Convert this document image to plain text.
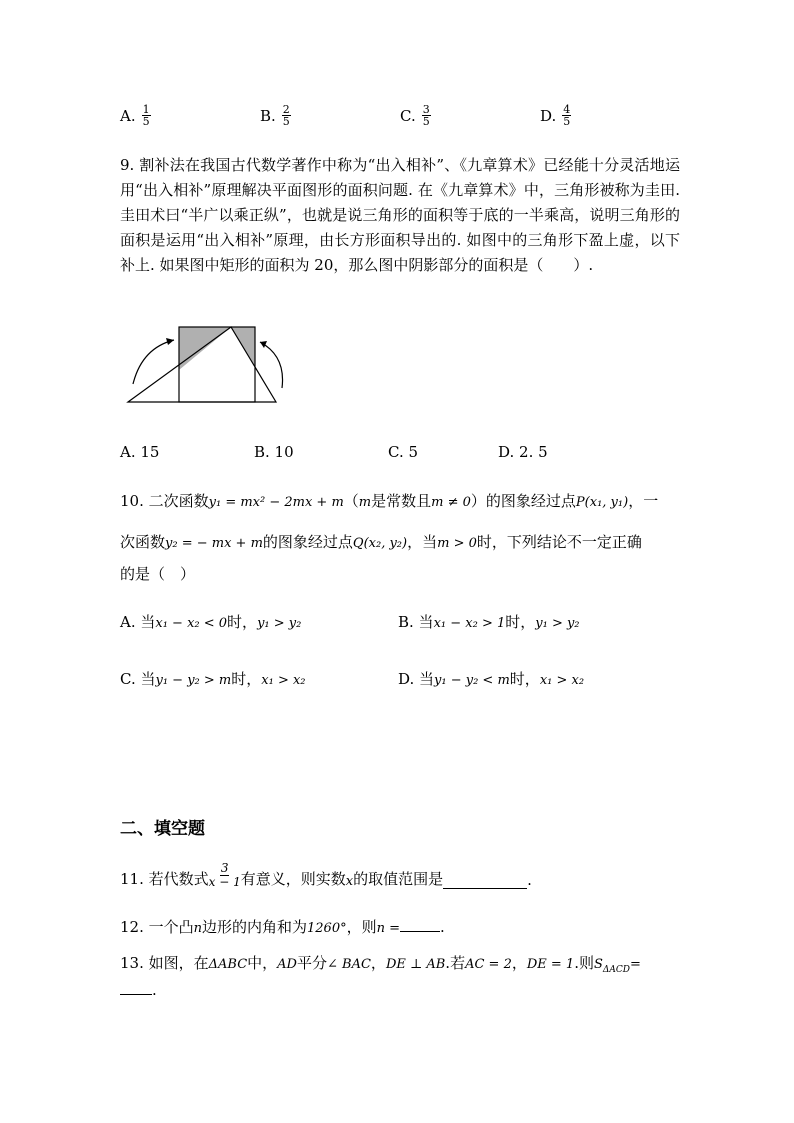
A. $\frac{1}{5}$	B. $\frac{2}{5}$	C. $\frac{3}{5}$	D. $\frac{4}{5}$
9. 割补法在我国古代数学著作中称为“出入相补”、《九章算术》已经能十分灵活地运用“出入相补”原理解决平面图形的面积问题. 在《九章算术》中，三角形被称为圭田. 圭田术曰“半广以乘正纵”，也就是说三角形的面积等于底的一半乘高，说明三角形的面积是运用“出入相补”原理，由长方形面积导出的. 如图中的三角形下盈上虚，以下补上. 如果图中矩形的面积为 20，那么图中阴影部分的面积是（　　）.
A. 15	B. 10	C. 5	D. 2. 5
10. 二次函数y₁ = mx² − 2mx + m（m是常数且m ≠ 0）的图象经过点P(x₁, y₁)，一
次函数y₂ = − mx + m的图象经过点Q(x₂, y₂)，当m > 0时，下列结论不一定正确
的是（　）
A. 当x₁ − x₂ < 0时，y₁ > y₂	B. 当x₁ − x₂ > 1时，y₁ > y₂
C. 当y₁ − y₂ > m时，x₁ > x₂	D. 当y₁ − y₂ < m时，x₁ > x₂
二、填空题
11. 若代数式 $\frac{3}{x - 1}$ 有意义，则实数 x 的取值范围是	.
12. 一个凸n边形的内角和为1260°，则n =	.
13. 如图，在ΔABC中，AD平分∠ BAC，DE ⊥ AB.若AC = 2，DE = 1.则$S_{\Delta ACD}=$
.
